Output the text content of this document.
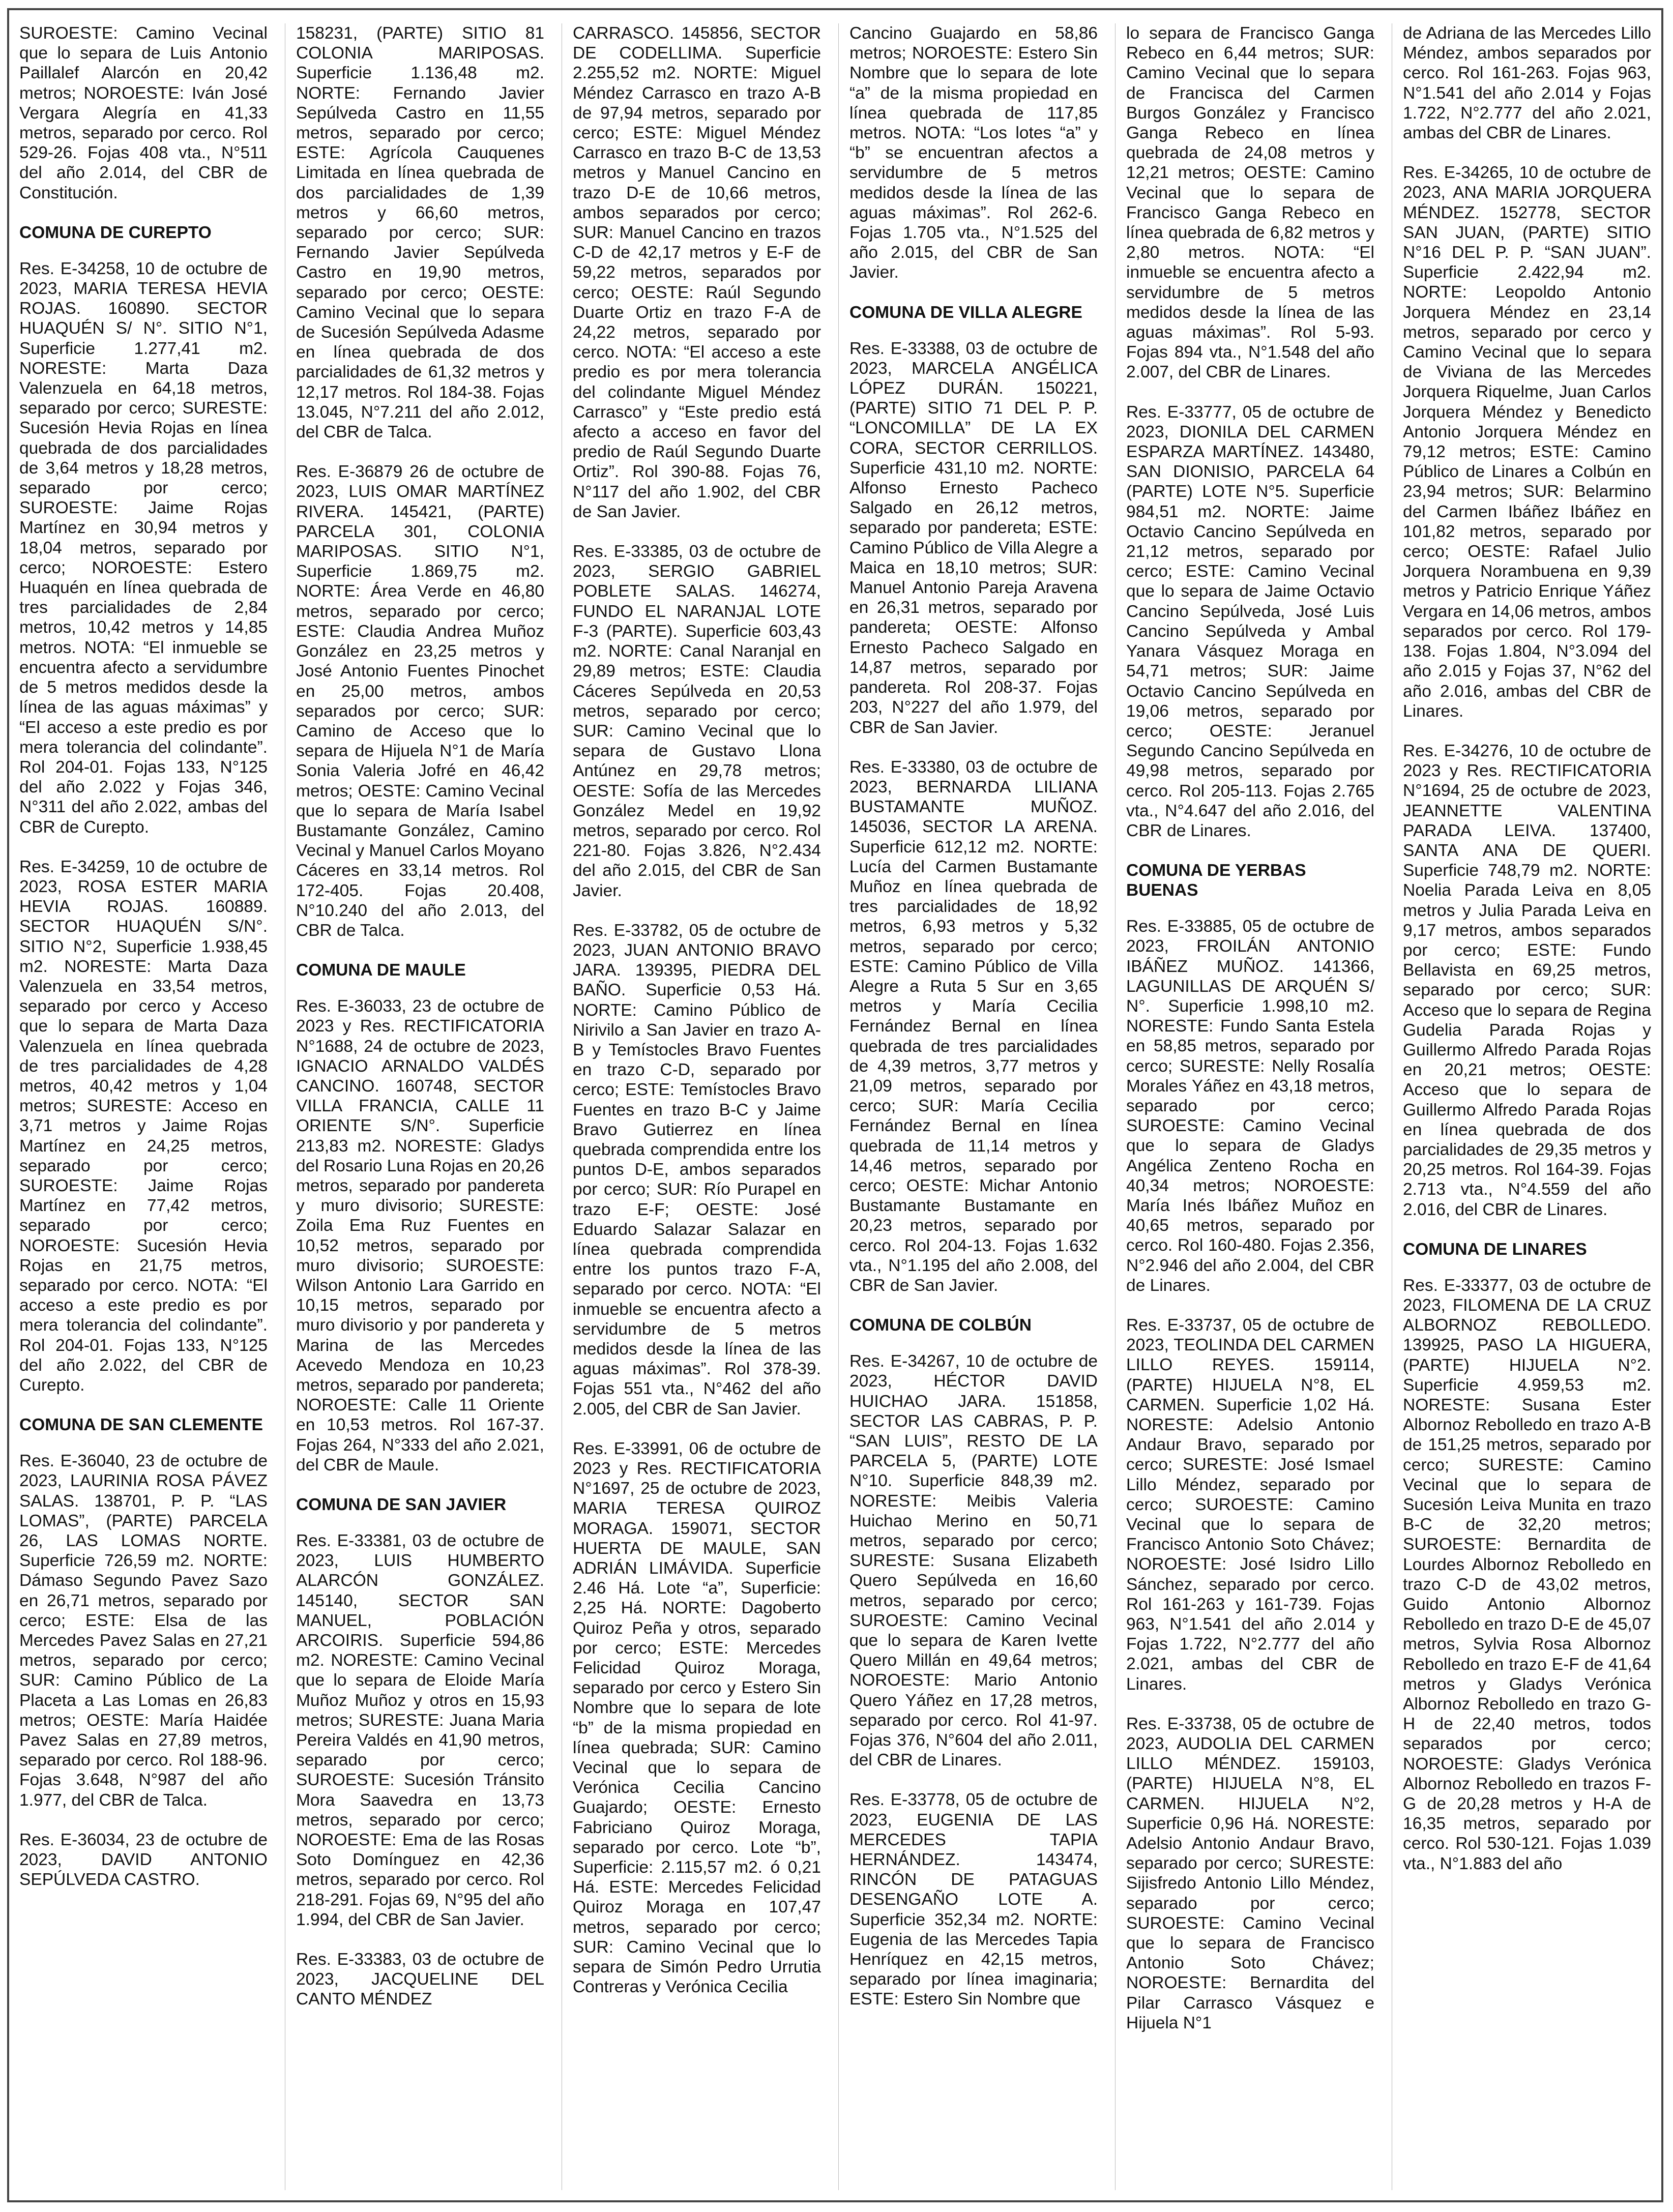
SUROESTE: Camino Vecinal que lo separa de Luis Antonio Paillalef Alarcón en 20,42 metros; NOROESTE: Iván José Vergara Alegría en 41,33 metros, separado por cerco. Rol 529-26. Fojas 408 vta., N°511 del año 2.014, del CBR de Constitución.

COMUNA DE CUREPTO

Res. E-34258, 10 de octubre de 2023, MARIA TERESA HEVIA ROJAS. 160890. SECTOR HUAQUÉN S/ N°. SITIO N°1, Superficie 1.277,41 m2. NORESTE: Marta Daza Valenzuela en 64,18 metros, separado por cerco; SURESTE: Sucesión Hevia Rojas en línea quebrada de dos parcialidades de 3,64 metros y 18,28 metros, separado por cerco; SUROESTE: Jaime Rojas Martínez en 30,94 metros y 18,04 metros, separado por cerco; NOROESTE: Estero Huaquén en línea quebrada de tres parcialidades de 2,84 metros, 10,42 metros y 14,85 metros. NOTA: “El inmueble se encuentra afecto a servidumbre de 5 metros medidos desde la línea de las aguas máximas” y “El acceso a este predio es por mera tolerancia del colindante”. Rol 204-01. Fojas 133, N°125 del año 2.022 y Fojas 346, N°311 del año 2.022, ambas del CBR de Curepto.

Res. E-34259, 10 de octubre de 2023, ROSA ESTER MARIA HEVIA ROJAS. 160889. SECTOR HUAQUÉN S/N°. SITIO N°2, Superficie 1.938,45 m2. NORESTE: Marta Daza Valenzuela en 33,54 metros, separado por cerco y Acceso que lo separa de Marta Daza Valenzuela en línea quebrada de tres parcialidades de 4,28 metros, 40,42 metros y 1,04 metros; SURESTE: Acceso en 3,71 metros y Jaime Rojas Martínez en 24,25 metros, separado por cerco; SUROESTE: Jaime Rojas Martínez en 77,42 metros, separado por cerco; NOROESTE: Sucesión Hevia Rojas en 21,75 metros, separado por cerco. NOTA: “El acceso a este predio es por mera tolerancia del colindante”. Rol 204-01. Fojas 133, N°125 del año 2.022, del CBR de Curepto.

COMUNA DE SAN CLEMENTE

Res. E-36040, 23 de octubre de 2023, LAURINIA ROSA PÁVEZ SALAS. 138701, P. P. “LAS LOMAS”, (PARTE) PARCELA 26, LAS LOMAS NORTE. Superficie 726,59 m2. NORTE: Dámaso Segundo Pavez Sazo en 26,71 metros, separado por cerco; ESTE: Elsa de las Mercedes Pavez Salas en 27,21 metros, separado por cerco; SUR: Camino Público de La Placeta a Las Lomas en 26,83 metros; OESTE: María Haidée Pavez Salas en 27,89 metros, separado por cerco. Rol 188-96. Fojas 3.648, N°987 del año 1.977, del CBR de Talca.

Res. E-36034, 23 de octubre de 2023, DAVID ANTONIO SEPÚLVEDA CASTRO.

158231, (PARTE) SITIO 81 COLONIA MARIPOSAS. Superficie 1.136,48 m2. NORTE: Fernando Javier Sepúlveda Castro en 11,55 metros, separado por cerco; ESTE: Agrícola Cauquenes Limitada en línea quebrada de dos parcialidades de 1,39 metros y 66,60 metros, separado por cerco; SUR: Fernando Javier Sepúlveda Castro en 19,90 metros, separado por cerco; OESTE: Camino Vecinal que lo separa de Sucesión Sepúlveda Adasme en línea quebrada de dos parcialidades de 61,32 metros y 12,17 metros. Rol 184-38. Fojas 13.045, N°7.211 del año 2.012, del CBR de Talca.

Res. E-36879 26 de octubre de 2023, LUIS OMAR MARTÍNEZ RIVERA. 145421, (PARTE) PARCELA 301, COLONIA MARIPOSAS. SITIO N°1, Superficie 1.869,75 m2. NORTE: Área Verde en 46,80 metros, separado por cerco; ESTE: Claudia Andrea Muñoz González en 23,25 metros y José Antonio Fuentes Pinochet en 25,00 metros, ambos separados por cerco; SUR: Camino de Acceso que lo separa de Hijuela N°1 de María Sonia Valeria Jofré en 46,42 metros; OESTE: Camino Vecinal que lo separa de María Isabel Bustamante González, Camino Vecinal y Manuel Carlos Moyano Cáceres en 33,14 metros. Rol 172-405. Fojas 20.408, N°10.240 del año 2.013, del CBR de Talca.

COMUNA DE MAULE

Res. E-36033, 23 de octubre de 2023 y Res. RECTIFICATORIA N°1688, 24 de octubre de 2023, IGNACIO ARNALDO VALDÉS CANCINO. 160748, SECTOR VILLA FRANCIA, CALLE 11 ORIENTE S/N°. Superficie 213,83 m2. NORESTE: Gladys del Rosario Luna Rojas en 20,26 metros, separado por pandereta y muro divisorio; SURESTE: Zoila Ema Ruz Fuentes en 10,52 metros, separado por muro divisorio; SUROESTE: Wilson Antonio Lara Garrido en 10,15 metros, separado por muro divisorio y por pandereta y Marina de las Mercedes Acevedo Mendoza en 10,23 metros, separado por pandereta; NOROESTE: Calle 11 Oriente en 10,53 metros. Rol 167-37. Fojas 264, N°333 del año 2.021, del CBR de Maule.

COMUNA DE SAN JAVIER

Res. E-33381, 03 de octubre de 2023, LUIS HUMBERTO ALARCÓN GONZÁLEZ. 145140, SECTOR SAN MANUEL, POBLACIÓN ARCOIRIS. Superficie 594,86 m2. NORESTE: Camino Vecinal que lo separa de Eloide María Muñoz Muñoz y otros en 15,93 metros; SURESTE: Juana Maria Pereira Valdés en 41,90 metros, separado por cerco; SUROESTE: Sucesión Tránsito Mora Saavedra en 13,73 metros, separado por cerco; NOROESTE: Ema de las Rosas Soto Domínguez en 42,36 metros, separado por cerco. Rol 218-291. Fojas 69, N°95 del año 1.994, del CBR de San Javier.

Res. E-33383, 03 de octubre de 2023, JACQUELINE DEL CANTO MÉNDEZ

CARRASCO. 145856, SECTOR DE CODELLIMA. Superficie 2.255,52 m2. NORTE: Miguel Méndez Carrasco en trazo A-B de 97,94 metros, separado por cerco; ESTE: Miguel Méndez Carrasco en trazo B-C de 13,53 metros y Manuel Cancino en trazo D-E de 10,66 metros, ambos separados por cerco; SUR: Manuel Cancino en trazos C-D de 42,17 metros y E-F de 59,22 metros, separados por cerco; OESTE: Raúl Segundo Duarte Ortiz en trazo F-A de 24,22 metros, separado por cerco. NOTA: “El acceso a este predio es por mera tolerancia del colindante Miguel Méndez Carrasco” y “Este predio está afecto a acceso en favor del predio de Raúl Segundo Duarte Ortiz”. Rol 390-88. Fojas 76, N°117 del año 1.902, del CBR de San Javier.

Res. E-33385, 03 de octubre de 2023, SERGIO GABRIEL POBLETE SALAS. 146274, FUNDO EL NARANJAL LOTE F-3 (PARTE). Superficie 603,43 m2. NORTE: Canal Naranjal en 29,89 metros; ESTE: Claudia Cáceres Sepúlveda en 20,53 metros, separado por cerco; SUR: Camino Vecinal que lo separa de Gustavo Llona Antúnez en 29,78 metros; OESTE: Sofía de las Mercedes González Medel en 19,92 metros, separado por cerco. Rol 221-80. Fojas 3.826, N°2.434 del año 2.015, del CBR de San Javier.

Res. E-33782, 05 de octubre de 2023, JUAN ANTONIO BRAVO JARA. 139395, PIEDRA DEL BAÑO. Superficie 0,53 Há. NORTE: Camino Público de Nirivilo a San Javier en trazo A-B y Temístocles Bravo Fuentes en trazo C-D, separado por cerco; ESTE: Temístocles Bravo Fuentes en trazo B-C y Jaime Bravo Gutierrez en línea quebrada comprendida entre los puntos D-E, ambos separados por cerco; SUR: Río Purapel en trazo E-F; OESTE: José Eduardo Salazar Salazar en línea quebrada comprendida entre los puntos trazo F-A, separado por cerco. NOTA: “El inmueble se encuentra afecto a servidumbre de 5 metros medidos desde la línea de las aguas máximas”. Rol 378-39. Fojas 551 vta., N°462 del año 2.005, del CBR de San Javier.

Res. E-33991, 06 de octubre de 2023 y Res. RECTIFICATORIA N°1697, 25 de octubre de 2023, MARIA TERESA QUIROZ MORAGA. 159071, SECTOR HUERTA DE MAULE, SAN ADRIÁN LIMÁVIDA. Superficie 2.46 Há. Lote “a”, Superficie: 2,25 Há. NORTE: Dagoberto Quiroz Peña y otros, separado por cerco; ESTE: Mercedes Felicidad Quiroz Moraga, separado por cerco y Estero Sin Nombre que lo separa de lote “b” de la misma propiedad en línea quebrada; SUR: Camino Vecinal que lo separa de Verónica Cecilia Cancino Guajardo; OESTE: Ernesto Fabriciano Quiroz Moraga, separado por cerco. Lote “b”, Superficie: 2.115,57 m2. ó 0,21 Há. ESTE: Mercedes Felicidad Quiroz Moraga en 107,47 metros, separado por cerco; SUR: Camino Vecinal que lo separa de Simón Pedro Urrutia Contreras y Verónica Cecilia

Cancino Guajardo en 58,86 metros; NOROESTE: Estero Sin Nombre que lo separa de lote “a” de la misma propiedad en línea quebrada de 117,85 metros. NOTA: “Los lotes “a” y “b” se encuentran afectos a servidumbre de 5 metros medidos desde la línea de las aguas máximas”. Rol 262-6. Fojas 1.705 vta., N°1.525 del año 2.015, del CBR de San Javier.

COMUNA DE VILLA ALEGRE

Res. E-33388, 03 de octubre de 2023, MARCELA ANGÉLICA LÓPEZ DURÁN. 150221, (PARTE) SITIO 71 DEL P. P. “LONCOMILLA” DE LA EX CORA, SECTOR CERRILLOS. Superficie 431,10 m2. NORTE: Alfonso Ernesto Pacheco Salgado en 26,12 metros, separado por pandereta; ESTE: Camino Público de Villa Alegre a Maica en 18,10 metros; SUR: Manuel Antonio Pareja Aravena en 26,31 metros, separado por pandereta; OESTE: Alfonso Ernesto Pacheco Salgado en 14,87 metros, separado por pandereta. Rol 208-37. Fojas 203, N°227 del año 1.979, del CBR de San Javier.

Res. E-33380, 03 de octubre de 2023, BERNARDA LILIANA BUSTAMANTE MUÑOZ. 145036, SECTOR LA ARENA. Superficie 612,12 m2. NORTE: Lucía del Carmen Bustamante Muñoz en línea quebrada de tres parcialidades de 18,92 metros, 6,93 metros y 5,32 metros, separado por cerco; ESTE: Camino Público de Villa Alegre a Ruta 5 Sur en 3,65 metros y María Cecilia Fernández Bernal en línea quebrada de tres parcialidades de 4,39 metros, 3,77 metros y 21,09 metros, separado por cerco; SUR: María Cecilia Fernández Bernal en línea quebrada de 11,14 metros y 14,46 metros, separado por cerco; OESTE: Michar Antonio Bustamante Bustamante en 20,23 metros, separado por cerco. Rol 204-13. Fojas 1.632 vta., N°1.195 del año 2.008, del CBR de San Javier.

COMUNA DE COLBÚN

Res. E-34267, 10 de octubre de 2023, HÉCTOR DAVID HUICHAO JARA. 151858, SECTOR LAS CABRAS, P. P. “SAN LUIS”, RESTO DE LA PARCELA 5, (PARTE) LOTE N°10. Superficie 848,39 m2. NORESTE: Meibis Valeria Huichao Merino en 50,71 metros, separado por cerco; SURESTE: Susana Elizabeth Quero Sepúlveda en 16,60 metros, separado por cerco; SUROESTE: Camino Vecinal que lo separa de Karen Ivette Quero Millán en 49,64 metros; NOROESTE: Mario Antonio Quero Yáñez en 17,28 metros, separado por cerco. Rol 41-97. Fojas 376, N°604 del año 2.011, del CBR de Linares.

Res. E-33778, 05 de octubre de 2023, EUGENIA DE LAS MERCEDES TAPIA HERNÁNDEZ. 143474, RINCÓN DE PATAGUAS DESENGAÑO LOTE A. Superficie 352,34 m2. NORTE: Eugenia de las Mercedes Tapia Henríquez en 42,15 metros, separado por línea imaginaria; ESTE: Estero Sin Nombre que

lo separa de Francisco Ganga Rebeco en 6,44 metros; SUR: Camino Vecinal que lo separa de Francisca del Carmen Burgos González y Francisco Ganga Rebeco en línea quebrada de 24,08 metros y 12,21 metros; OESTE: Camino Vecinal que lo separa de Francisco Ganga Rebeco en línea quebrada de 6,82 metros y 2,80 metros. NOTA: “El inmueble se encuentra afecto a servidumbre de 5 metros medidos desde la línea de las aguas máximas”. Rol 5-93. Fojas 894 vta., N°1.548 del año 2.007, del CBR de Linares.

Res. E-33777, 05 de octubre de 2023, DIONILA DEL CARMEN ESPARZA MARTÍNEZ. 143480, SAN DIONISIO, PARCELA 64 (PARTE) LOTE N°5. Superficie 984,51 m2. NORTE: Jaime Octavio Cancino Sepúlveda en 21,12 metros, separado por cerco; ESTE: Camino Vecinal que lo separa de Jaime Octavio Cancino Sepúlveda, José Luis Cancino Sepúlveda y Ambal Yanara Vásquez Moraga en 54,71 metros; SUR: Jaime Octavio Cancino Sepúlveda en 19,06 metros, separado por cerco; OESTE: Jeranuel Segundo Cancino Sepúlveda en 49,98 metros, separado por cerco. Rol 205-113. Fojas 2.765 vta., N°4.647 del año 2.016, del CBR de Linares.

COMUNA DE YERBAS BUENAS

Res. E-33885, 05 de octubre de 2023, FROILÁN ANTONIO IBÁÑEZ MUÑOZ. 141366, LAGUNILLAS DE ARQUÉN S/ N°. Superficie 1.998,10 m2. NORESTE: Fundo Santa Estela en 58,85 metros, separado por cerco; SURESTE: Nelly Rosalía Morales Yáñez en 43,18 metros, separado por cerco; SUROESTE: Camino Vecinal que lo separa de Gladys Angélica Zenteno Rocha en 40,34 metros; NOROESTE: María Inés Ibáñez Muñoz en 40,65 metros, separado por cerco. Rol 160-480. Fojas 2.356, N°2.946 del año 2.004, del CBR de Linares.

Res. E-33737, 05 de octubre de 2023, TEOLINDA DEL CARMEN LILLO REYES. 159114, (PARTE) HIJUELA N°8, EL CARMEN. Superficie 1,02 Há. NORESTE: Adelsio Antonio Andaur Bravo, separado por cerco; SURESTE: José Ismael Lillo Méndez, separado por cerco; SUROESTE: Camino Vecinal que lo separa de Francisco Antonio Soto Chávez; NOROESTE: José Isidro Lillo Sánchez, separado por cerco. Rol 161-263 y 161-739. Fojas 963, N°1.541 del año 2.014 y Fojas 1.722, N°2.777 del año 2.021, ambas del CBR de Linares.

Res. E-33738, 05 de octubre de 2023, AUDOLIA DEL CARMEN LILLO MÉNDEZ. 159103, (PARTE) HIJUELA N°8, EL CARMEN. HIJUELA N°2, Superficie 0,96 Há. NORESTE: Adelsio Antonio Andaur Bravo, separado por cerco; SURESTE: Sijisfredo Antonio Lillo Méndez, separado por cerco; SUROESTE: Camino Vecinal que lo separa de Francisco Antonio Soto Chávez; NOROESTE: Bernardita del Pilar Carrasco Vásquez e Hijuela N°1

de Adriana de las Mercedes Lillo Méndez, ambos separados por cerco. Rol 161-263. Fojas 963, N°1.541 del año 2.014 y Fojas 1.722, N°2.777 del año 2.021, ambas del CBR de Linares.

Res. E-34265, 10 de octubre de 2023, ANA MARIA JORQUERA MÉNDEZ. 152778, SECTOR SAN JUAN, (PARTE) SITIO N°16 DEL P. P. “SAN JUAN”. Superficie 2.422,94 m2. NORTE: Leopoldo Antonio Jorquera Méndez en 23,14 metros, separado por cerco y Camino Vecinal que lo separa de Viviana de las Mercedes Jorquera Riquelme, Juan Carlos Jorquera Méndez y Benedicto Antonio Jorquera Méndez en 79,12 metros; ESTE: Camino Público de Linares a Colbún en 23,94 metros; SUR: Belarmino del Carmen Ibáñez Ibáñez en 101,82 metros, separado por cerco; OESTE: Rafael Julio Jorquera Norambuena en 9,39 metros y Patricio Enrique Yáñez Vergara en 14,06 metros, ambos separados por cerco. Rol 179-138. Fojas 1.804, N°3.094 del año 2.015 y Fojas 37, N°62 del año 2.016, ambas del CBR de Linares.

Res. E-34276, 10 de octubre de 2023 y Res. RECTIFICATORIA N°1694, 25 de octubre de 2023, JEANNETTE VALENTINA PARADA LEIVA. 137400, SANTA ANA DE QUERI. Superficie 748,79 m2. NORTE: Noelia Parada Leiva en 8,05 metros y Julia Parada Leiva en 9,17 metros, ambos separados por cerco; ESTE: Fundo Bellavista en 69,25 metros, separado por cerco; SUR: Acceso que lo separa de Regina Gudelia Parada Rojas y Guillermo Alfredo Parada Rojas en 20,21 metros; OESTE: Acceso que lo separa de Guillermo Alfredo Parada Rojas en línea quebrada de dos parcialidades de 29,35 metros y 20,25 metros. Rol 164-39. Fojas 2.713 vta., N°4.559 del año 2.016, del CBR de Linares.

COMUNA DE LINARES

Res. E-33377, 03 de octubre de 2023, FILOMENA DE LA CRUZ ALBORNOZ REBOLLEDO. 139925, PASO LA HIGUERA, (PARTE) HIJUELA N°2. Superficie 4.959,53 m2. NORESTE: Susana Ester Albornoz Rebolledo en trazo A-B de 151,25 metros, separado por cerco; SURESTE: Camino Vecinal que lo separa de Sucesión Leiva Munita en trazo B-C de 32,20 metros; SUROESTE: Bernardita de Lourdes Albornoz Rebolledo en trazo C-D de 43,02 metros, Guido Antonio Albornoz Rebolledo en trazo D-E de 45,07 metros, Sylvia Rosa Albornoz Rebolledo en trazo E-F de 41,64 metros y Gladys Verónica Albornoz Rebolledo en trazo G-H de 22,40 metros, todos separados por cerco; NOROESTE: Gladys Verónica Albornoz Rebolledo en trazos F-G de 20,28 metros y H-A de 16,35 metros, separado por cerco. Rol 530-121. Fojas 1.039 vta., N°1.883 del año
